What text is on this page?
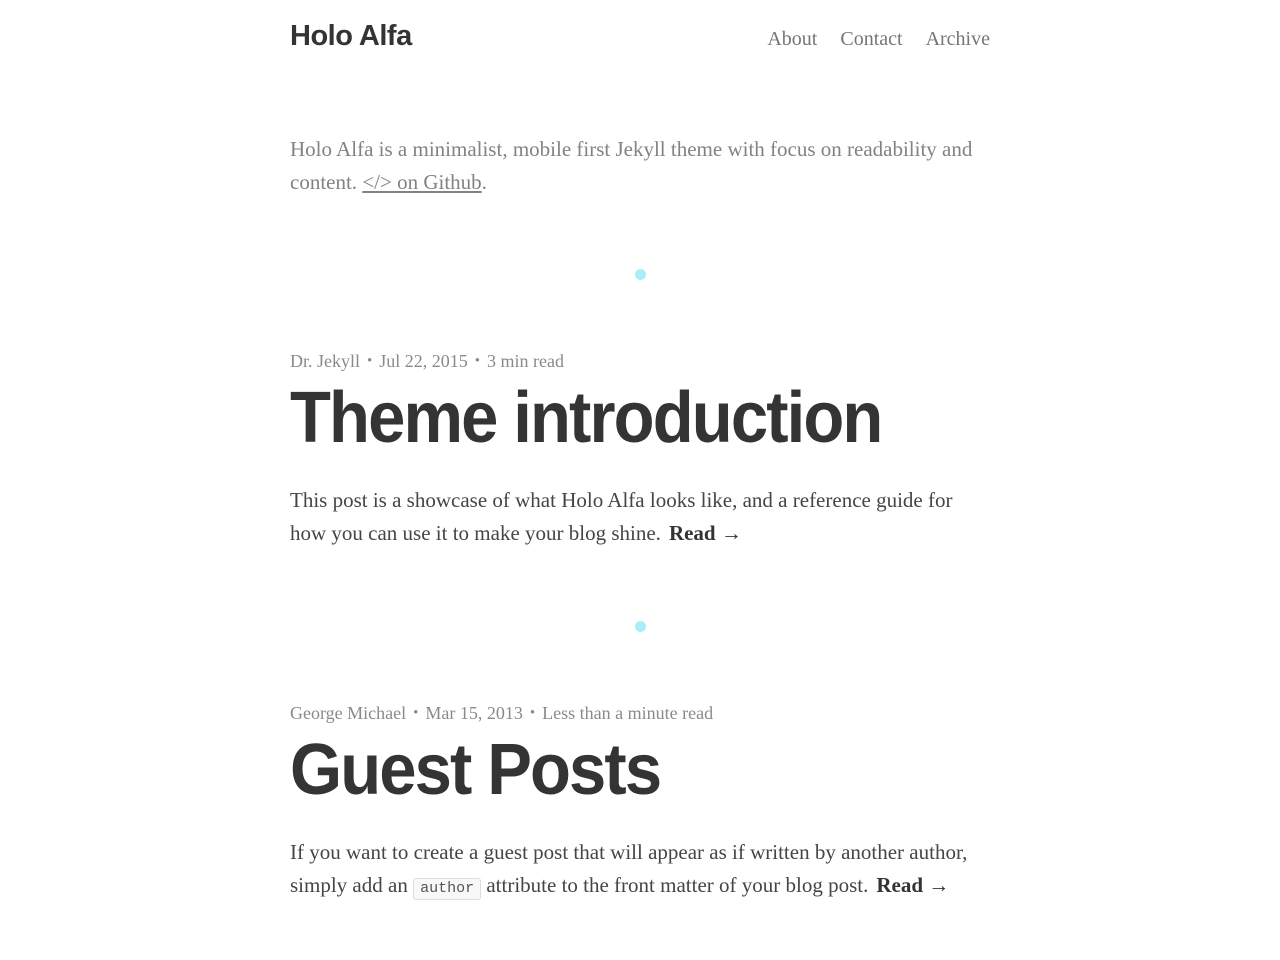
Holo Alfa	About Contact Archive

Holo Alfa is a minimalist, mobile first Jekyll theme with focus on readability and content. </> on Github.

Dr. Jekyll • Jul 22, 2015 • 3 min read

Theme introduction

This post is a showcase of what Holo Alfa looks like, and a reference guide for how you can use it to make your blog shine. Read →

George Michael • Mar 15, 2013 • Less than a minute read

Guest Posts

If you want to create a guest post that will appear as if written by another author, simply add an author attribute to the front matter of your blog post. Read →
